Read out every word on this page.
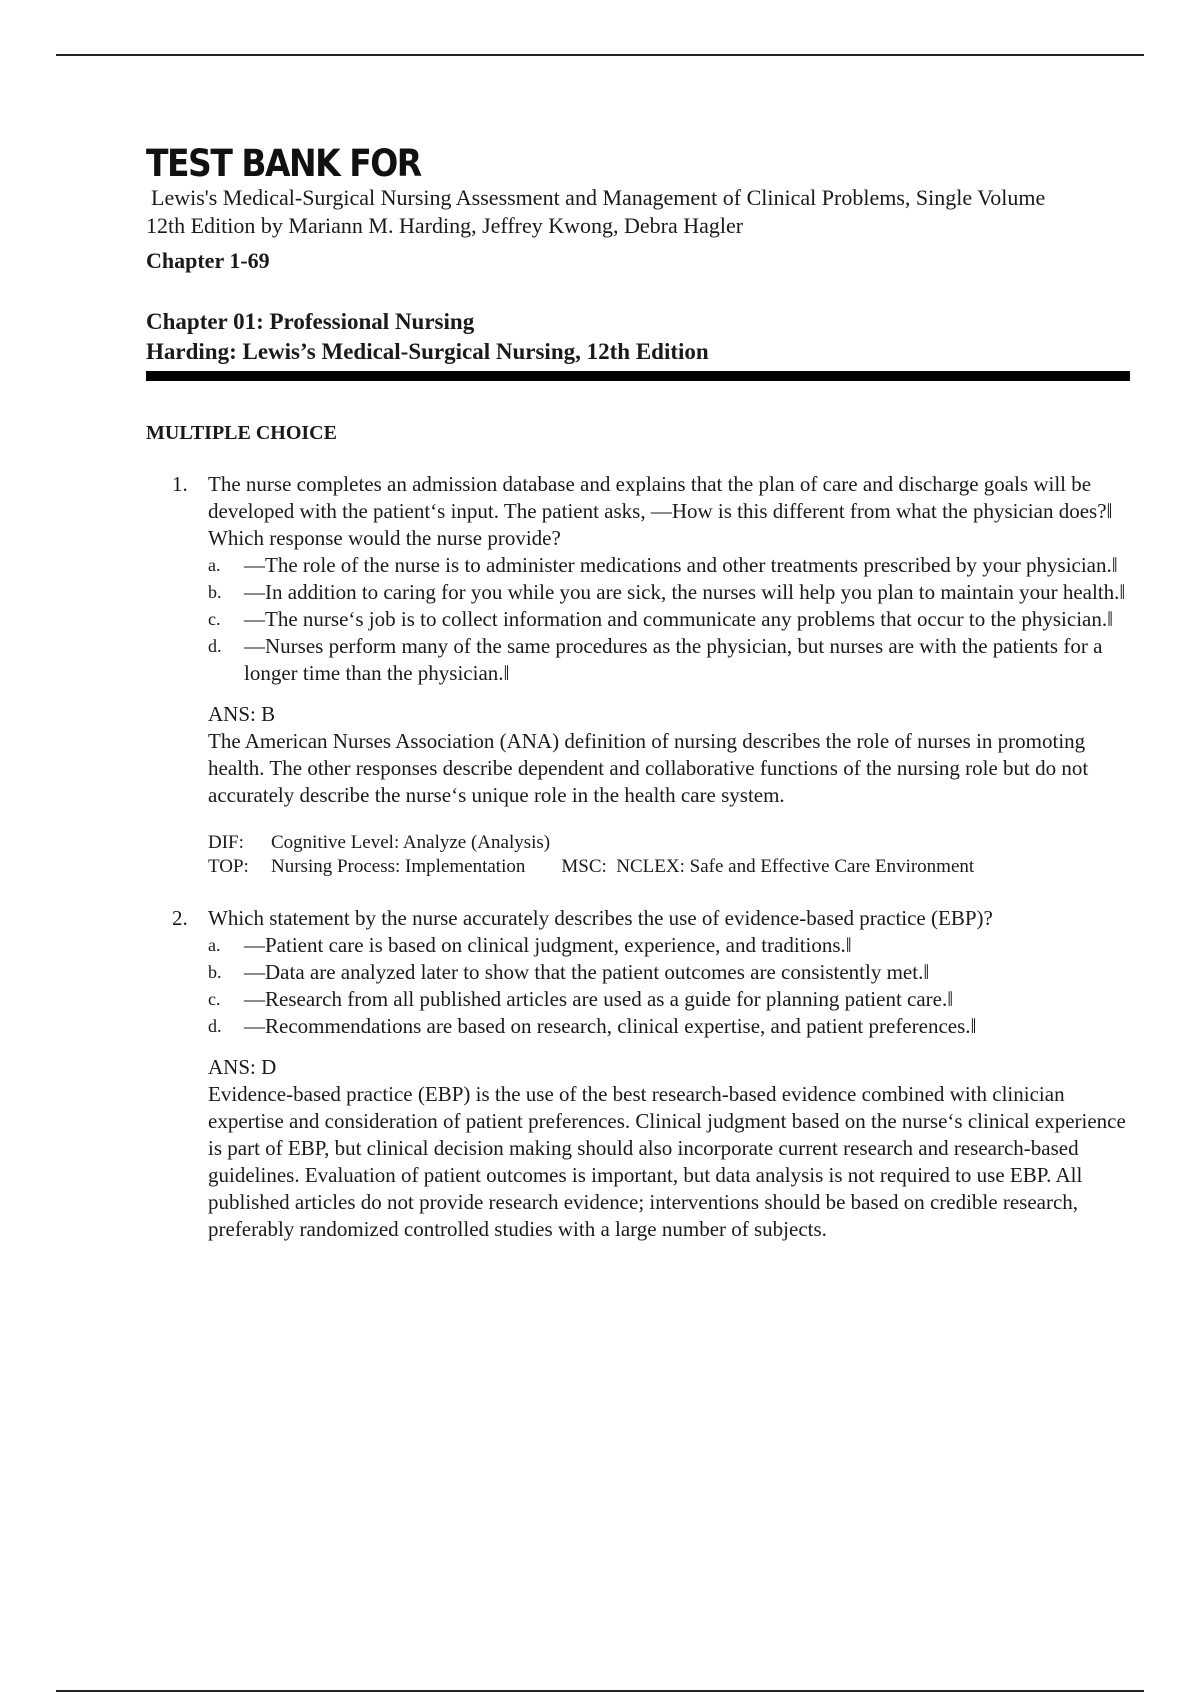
TEST BANK FOR

Lewis's Medical-Surgical Nursing Assessment and Management of Clinical Problems, Single Volume

12th Edition by Mariann M. Harding, Jeffrey Kwong, Debra Hagler

Chapter 1-69

Chapter 01: Professional Nursing

Harding: Lewis’s Medical-Surgical Nursing, 12th Edition

MULTIPLE CHOICE

1. The nurse completes an admission database and explains that the plan of care and discharge goals will be developed with the patient‘s input. The patient asks, ―How is this different from what the physician does?‖ Which response would the nurse provide?

a. ―The role of the nurse is to administer medications and other treatments prescribed by your physician.‖
b. ―In addition to caring for you while you are sick, the nurses will help you plan to maintain your health.‖
c. ―The nurse‘s job is to collect information and communicate any problems that occur to the physician.‖
d. ―Nurses perform many of the same procedures as the physician, but nurses are with the patients for a longer time than the physician.‖

ANS: B

The American Nurses Association (ANA) definition of nursing describes the role of nurses in promoting health. The other responses describe dependent and collaborative functions of the nursing role but do not accurately describe the nurse‘s unique role in the health care system.

DIF: Cognitive Level: Analyze (Analysis)
TOP: Nursing Process: Implementation MSC: NCLEX: Safe and Effective Care Environment
2. Which statement by the nurse accurately describes the use of evidence-based practice (EBP)?

a. ―Patient care is based on clinical judgment, experience, and traditions.‖
b. ―Data are analyzed later to show that the patient outcomes are consistently met.‖
c. ―Research from all published articles are used as a guide for planning patient care.‖
d. ―Recommendations are based on research, clinical expertise, and patient preferences.‖

ANS: D

Evidence-based practice (EBP) is the use of the best research-based evidence combined with clinician expertise and consideration of patient preferences. Clinical judgment based on the nurse‘s clinical experience is part of EBP, but clinical decision making should also incorporate current research and research-based guidelines. Evaluation of patient outcomes is important, but data analysis is not required to use EBP. All published articles do not provide research evidence; interventions should be based on credible research, preferably randomized controlled studies with a large number of subjects.
